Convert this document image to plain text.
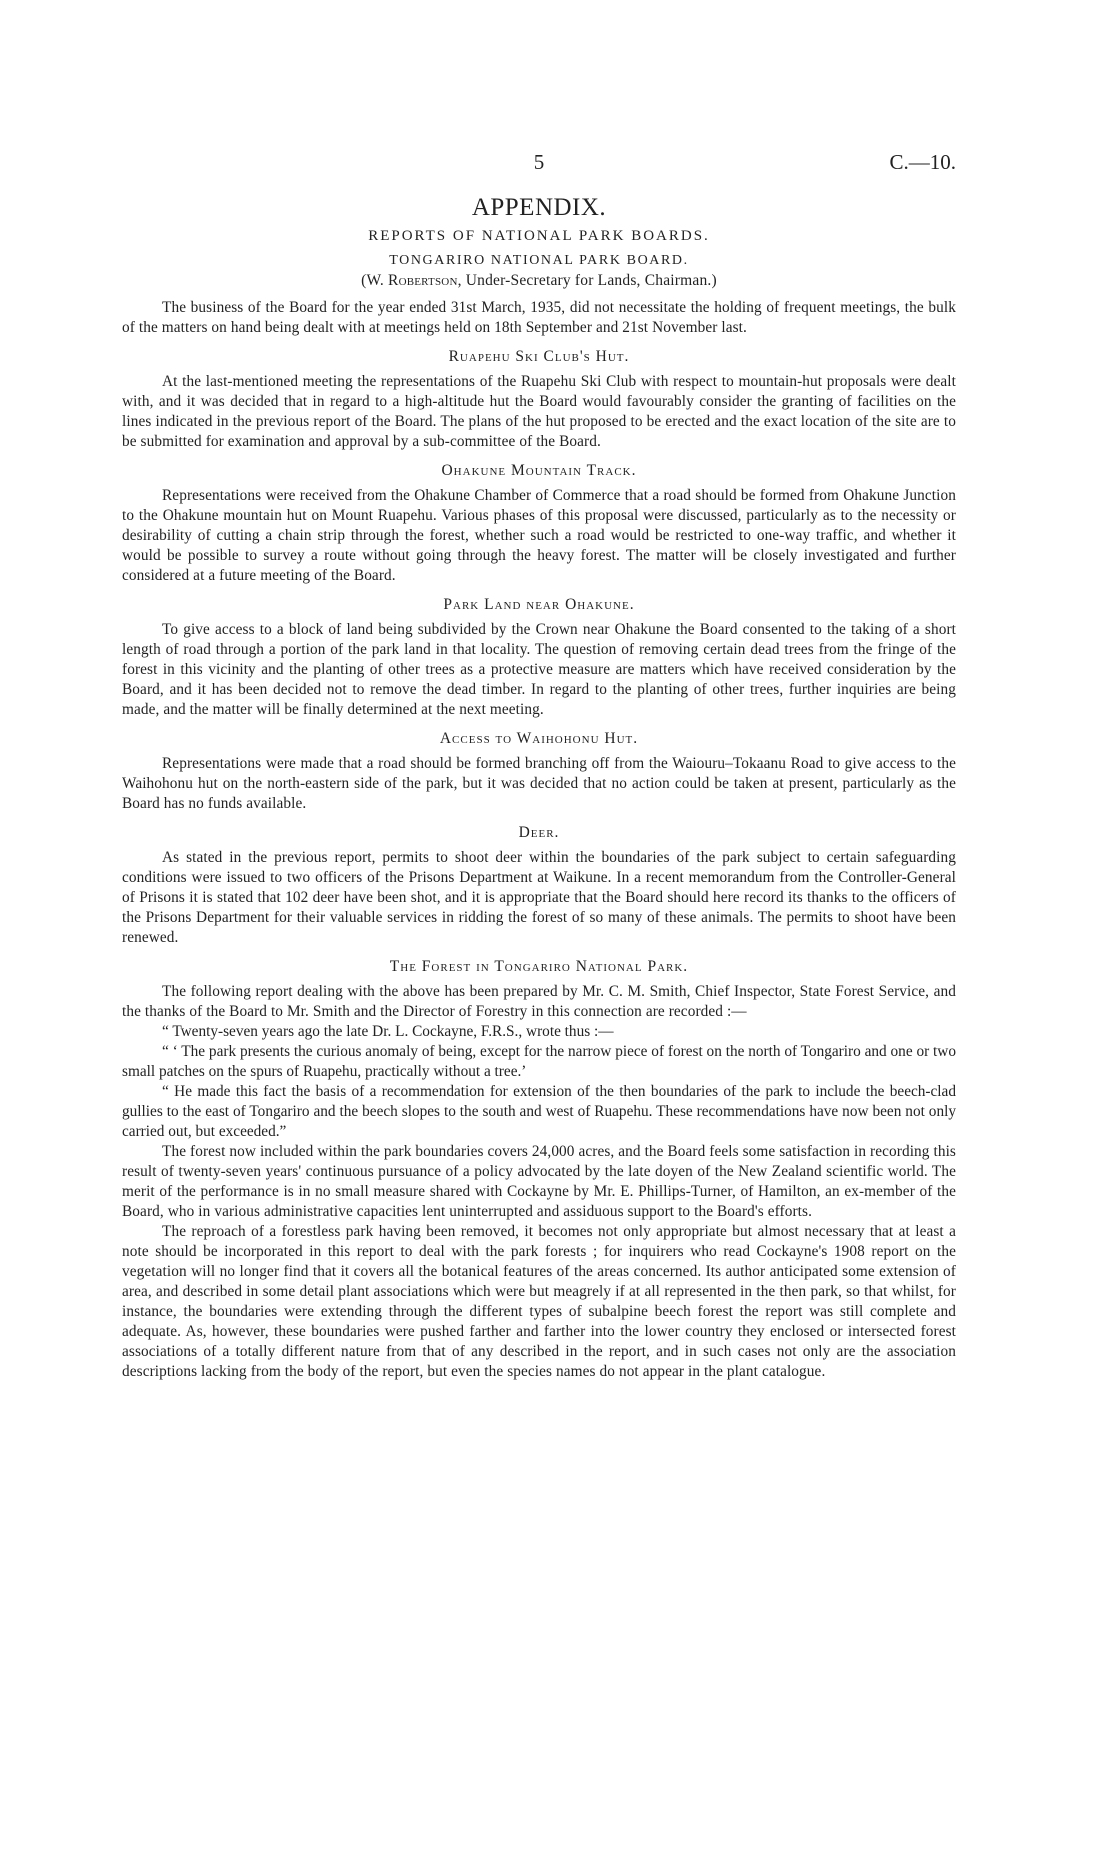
5	C.—10.
APPENDIX.
REPORTS OF NATIONAL PARK BOARDS.
TONGARIRO NATIONAL PARK BOARD.
(W. Robertson, Under-Secretary for Lands, Chairman.)

The business of the Board for the year ended 31st March, 1935, did not necessitate the holding of frequent meetings, the bulk of the matters on hand being dealt with at meetings held on 18th September and 21st November last.

Ruapehu Ski Club's Hut.

At the last-mentioned meeting the representations of the Ruapehu Ski Club with respect to mountain-hut proposals were dealt with, and it was decided that in regard to a high-altitude hut the Board would favourably consider the granting of facilities on the lines indicated in the previous report of the Board. The plans of the hut proposed to be erected and the exact location of the site are to be submitted for examination and approval by a sub-committee of the Board.

Ohakune Mountain Track.

Representations were received from the Ohakune Chamber of Commerce that a road should be formed from Ohakune Junction to the Ohakune mountain hut on Mount Ruapehu. Various phases of this proposal were discussed, particularly as to the necessity or desirability of cutting a chain strip through the forest, whether such a road would be restricted to one-way traffic, and whether it would be possible to survey a route without going through the heavy forest. The matter will be closely investigated and further considered at a future meeting of the Board.

Park Land near Ohakune.

To give access to a block of land being subdivided by the Crown near Ohakune the Board consented to the taking of a short length of road through a portion of the park land in that locality. The question of removing certain dead trees from the fringe of the forest in this vicinity and the planting of other trees as a protective measure are matters which have received consideration by the Board, and it has been decided not to remove the dead timber. In regard to the planting of other trees, further inquiries are being made, and the matter will be finally determined at the next meeting.

Access to Waihohonu Hut.

Representations were made that a road should be formed branching off from the Waiouru–Tokaanu Road to give access to the Waihohonu hut on the north-eastern side of the park, but it was decided that no action could be taken at present, particularly as the Board has no funds available.

Deer.

As stated in the previous report, permits to shoot deer within the boundaries of the park subject to certain safeguarding conditions were issued to two officers of the Prisons Department at Waikune. In a recent memorandum from the Controller-General of Prisons it is stated that 102 deer have been shot, and it is appropriate that the Board should here record its thanks to the officers of the Prisons Department for their valuable services in ridding the forest of so many of these animals. The permits to shoot have been renewed.

The Forest in Tongariro National Park.

The following report dealing with the above has been prepared by Mr. C. M. Smith, Chief Inspector, State Forest Service, and the thanks of the Board to Mr. Smith and the Director of Forestry in this connection are recorded :—

“ Twenty-seven years ago the late Dr. L. Cockayne, F.R.S., wrote thus :—

“ ‘ The park presents the curious anomaly of being, except for the narrow piece of forest on the north of Tongariro and one or two small patches on the spurs of Ruapehu, practically without a tree.’

“ He made this fact the basis of a recommendation for extension of the then boundaries of the park to include the beech-clad gullies to the east of Tongariro and the beech slopes to the south and west of Ruapehu. These recommendations have now been not only carried out, but exceeded.”

The forest now included within the park boundaries covers 24,000 acres, and the Board feels some satisfaction in recording this result of twenty-seven years' continuous pursuance of a policy advocated by the late doyen of the New Zealand scientific world. The merit of the performance is in no small measure shared with Cockayne by Mr. E. Phillips-Turner, of Hamilton, an ex-member of the Board, who in various administrative capacities lent uninterrupted and assiduous support to the Board's efforts.

The reproach of a forestless park having been removed, it becomes not only appropriate but almost necessary that at least a note should be incorporated in this report to deal with the park forests ; for inquirers who read Cockayne's 1908 report on the vegetation will no longer find that it covers all the botanical features of the areas concerned. Its author anticipated some extension of area, and described in some detail plant associations which were but meagrely if at all represented in the then park, so that whilst, for instance, the boundaries were extending through the different types of subalpine beech forest the report was still complete and adequate. As, however, these boundaries were pushed farther and farther into the lower country they enclosed or intersected forest associations of a totally different nature from that of any described in the report, and in such cases not only are the association descriptions lacking from the body of the report, but even the species names do not appear in the plant catalogue.
